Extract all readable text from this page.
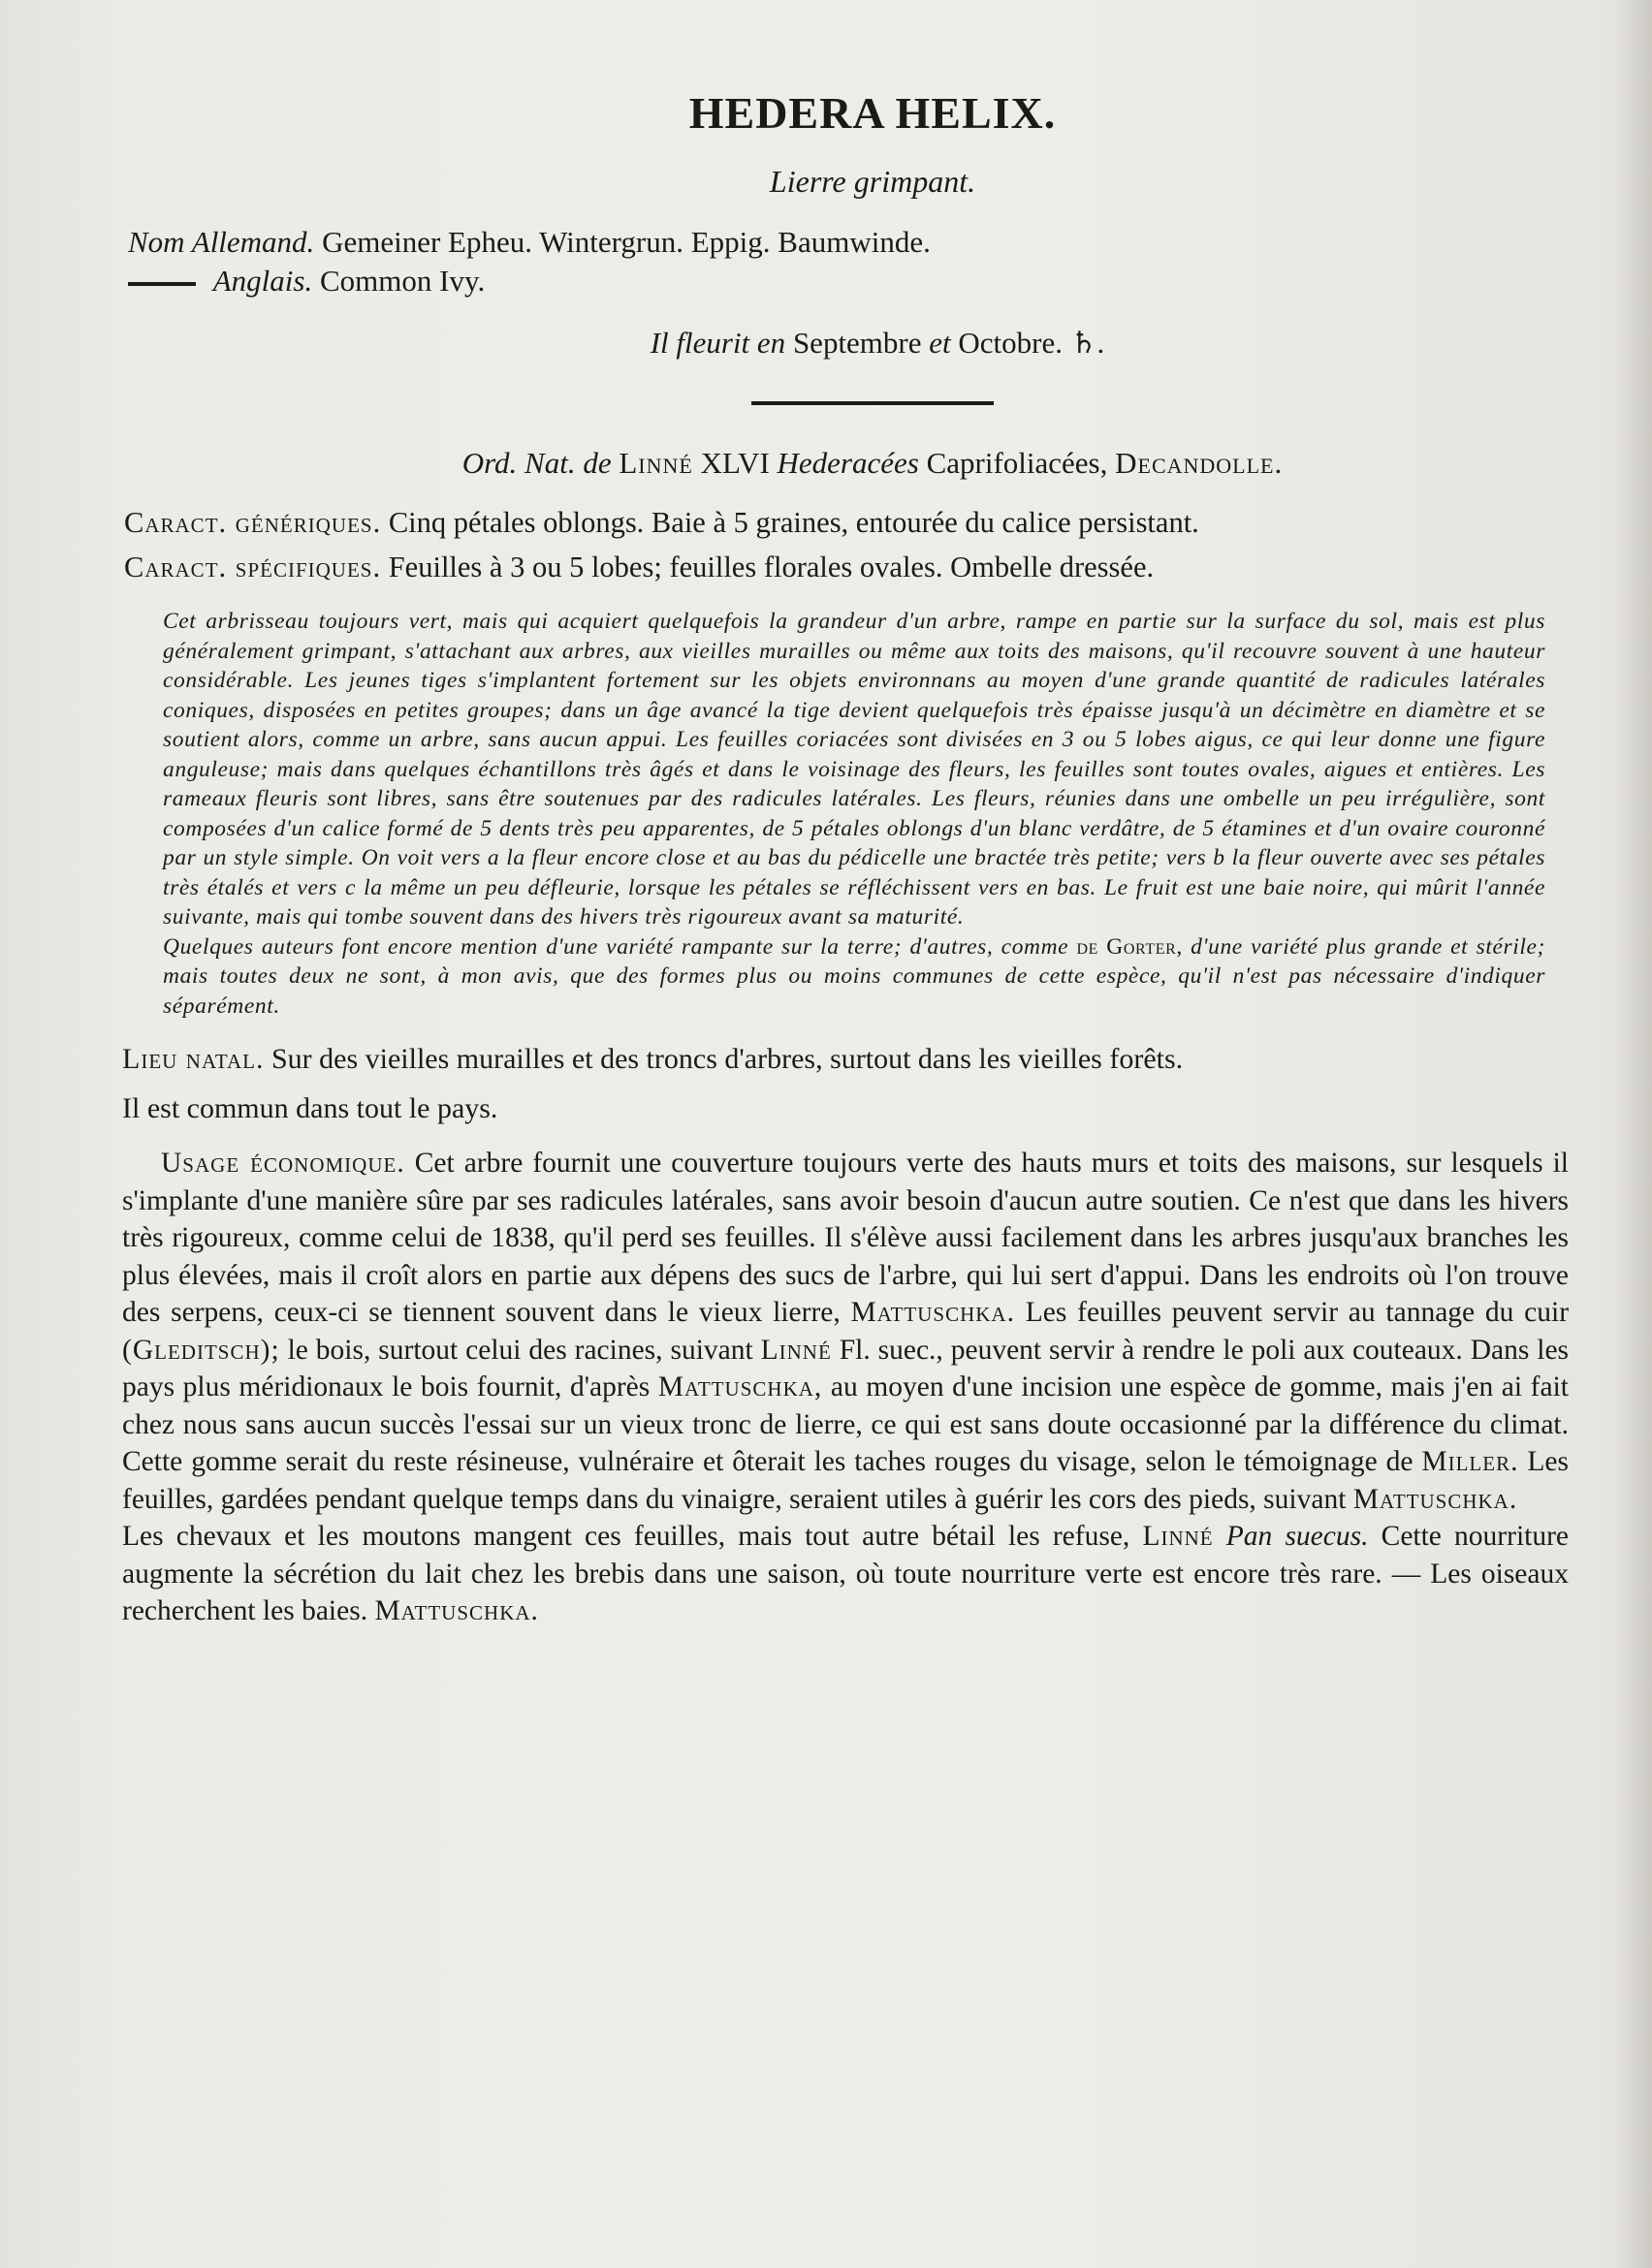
HEDERA HELIX.
Lierre grimpant.
Nom Allemand. Gemeiner Epheu. Wintergrun. Eppig. Baumwinde.
Anglais. Common Ivy.
Il fleurit en Septembre et Octobre. ♄.
Ord. Nat. de Linné XLVI Hederacées Caprifoliacées, Decandolle.

Caract. génériques. Cinq pétales oblongs. Baie à 5 graines, entourée du calice persistant.

Caract. spécifiques. Feuilles à 3 ou 5 lobes; feuilles florales ovales. Ombelle dressée.

Cet arbrisseau toujours vert, mais qui acquiert quelquefois la grandeur d'un arbre, rampe en partie sur la surface du sol, mais est plus généralement grimpant, s'attachant aux arbres, aux vieilles murailles ou même aux toits des maisons, qu'il recouvre souvent à une hauteur considérable. Les jeunes tiges s'implantent fortement sur les objets environnans au moyen d'une grande quantité de radicules latérales coniques, disposées en petites groupes; dans un âge avancé la tige devient quelquefois très épaisse jusqu'à un décimètre en diamètre et se soutient alors, comme un arbre, sans aucun appui. Les feuilles coriacées sont divisées en 3 ou 5 lobes aigus, ce qui leur donne une figure anguleuse; mais dans quelques échantillons très âgés et dans le voisinage des fleurs, les feuilles sont toutes ovales, aigues et entières. Les rameaux fleuris sont libres, sans être soutenues par des radicules latérales. Les fleurs, réunies dans une ombelle un peu irrégulière, sont composées d'un calice formé de 5 dents très peu apparentes, de 5 pétales oblongs d'un blanc verdâtre, de 5 étamines et d'un ovaire couronné par un style simple. On voit vers a la fleur encore close et au bas du pédicelle une bractée très petite; vers b la fleur ouverte avec ses pétales très étalés et vers c la même un peu défleurie, lorsque les pétales se réfléchissent vers en bas. Le fruit est une baie noire, qui mûrit l'année suivante, mais qui tombe souvent dans des hivers très rigoureux avant sa maturité.

Quelques auteurs font encore mention d'une variété rampante sur la terre; d'autres, comme de Gorter, d'une variété plus grande et stérile; mais toutes deux ne sont, à mon avis, que des formes plus ou moins communes de cette espèce, qu'il n'est pas nécessaire d'indiquer séparément.

Lieu natal. Sur des vieilles murailles et des troncs d'arbres, surtout dans les vieilles forêts.

Il est commun dans tout le pays.

Usage économique. Cet arbre fournit une couverture toujours verte des hauts murs et toits des maisons, sur lesquels il s'implante d'une manière sûre par ses radicules latérales, sans avoir besoin d'aucun autre soutien. Ce n'est que dans les hivers très rigoureux, comme celui de 1838, qu'il perd ses feuilles. Il s'élève aussi facilement dans les arbres jusqu'aux branches les plus élevées, mais il croît alors en partie aux dépens des sucs de l'arbre, qui lui sert d'appui. Dans les endroits où l'on trouve des serpens, ceux-ci se tiennent souvent dans le vieux lierre, Mattuschka. Les feuilles peuvent servir au tannage du cuir (Gleditsch); le bois, surtout celui des racines, suivant Linné Fl. suec., peuvent servir à rendre le poli aux couteaux. Dans les pays plus méridionaux le bois fournit, d'après Mattuschka, au moyen d'une incision une espèce de gomme, mais j'en ai fait chez nous sans aucun succès l'essai sur un vieux tronc de lierre, ce qui est sans doute occasionné par la différence du climat. Cette gomme serait du reste résineuse, vulnéraire et ôterait les taches rouges du visage, selon le témoignage de Miller. Les feuilles, gardées pendant quelque temps dans du vinaigre, seraient utiles à guérir les cors des pieds, suivant Mattuschka.

Les chevaux et les moutons mangent ces feuilles, mais tout autre bétail les refuse, Linné Pan suecus. Cette nourriture augmente la sécrétion du lait chez les brebis dans une saison, où toute nourriture verte est encore très rare. — Les oiseaux recherchent les baies. Mattuschka.
